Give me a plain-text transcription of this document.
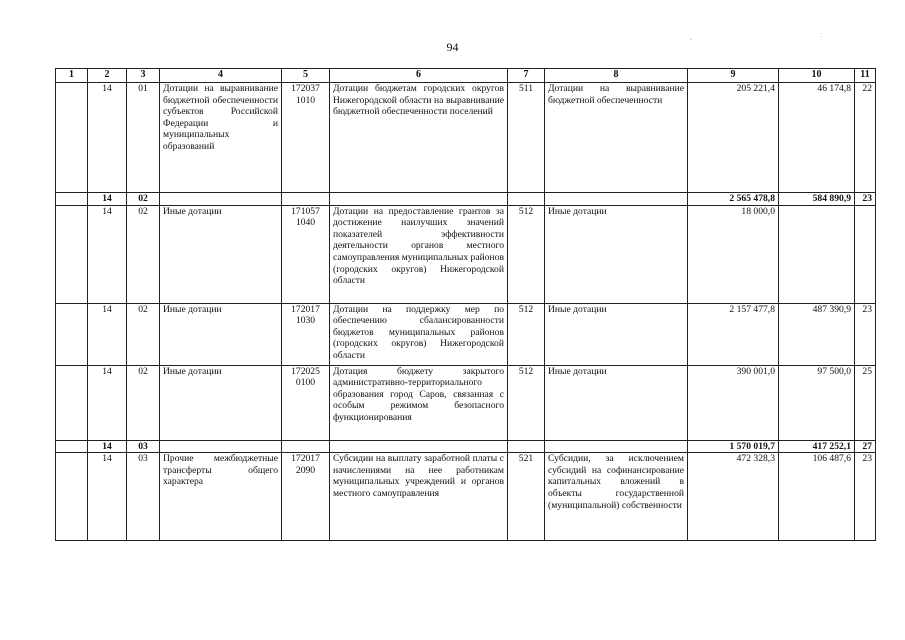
94
ꞏ
:
1	2	3	4	5	6	7	8	9	10	11
	14	01	Дотации на выравнивание бюджетной обеспеченности субъектов Российской Федерации и муниципальных образований	172037 1010	Дотации бюджетам городских округов Нижегородской области на выравнивание бюджетной обеспеченности поселений	511	Дотации на выравнивание бюджетной обеспеченности	205 221,4	46 174,8	22
	14	02						2 565 478,8	584 890,9	23
	14	02	Иные дотации	171057 1040	Дотации на предоставление грантов за достижение наилучших значений показателей эффективности деятельности органов местного самоуправления муниципальных районов (городских округов) Нижегородской области	512	Иные дотации	18 000,0		
	14	02	Иные дотации	172017 1030	Дотации на поддержку мер по обеспечению сбалансированности бюджетов муниципальных районов (городских округов) Нижегородской области	512	Иные дотации	2 157 477,8	487 390,9	23
	14	02	Иные дотации	172025 0100	Дотация бюджету закрытого административно-территориального образования город Саров, связанная с особым режимом безопасного функционирования	512	Иные дотации	390 001,0	97 500,0	25
	14	03						1 570 019,7	417 252,1	27
	14	03	Прочие межбюджетные трансферты общего характера	172017 2090	Субсидии на выплату заработной платы с начислениями на нее работникам муниципальных учреждений и органов местного самоуправления	521	Субсидии, за исключением субсидий на софинансирование капитальных вложений в объекты государственной (муниципальной) собственности	472 328,3	106 487,6	23
